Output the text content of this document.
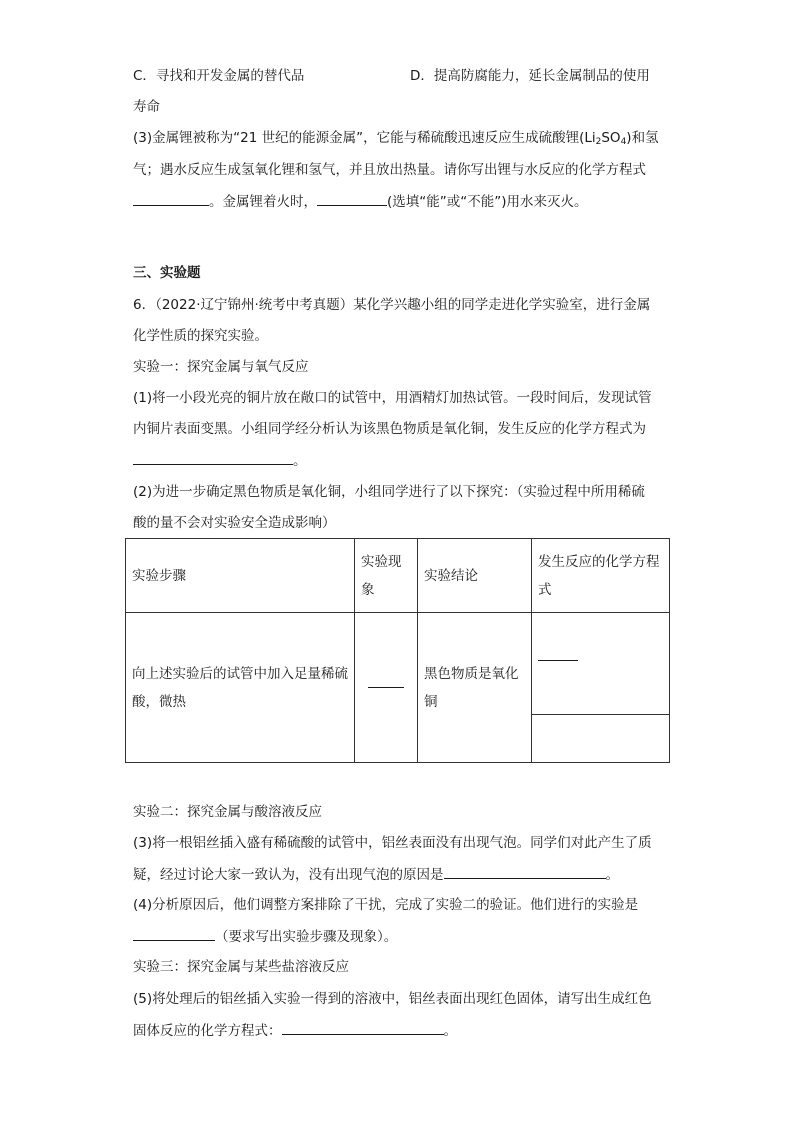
C．寻找和开发金属的替代品	D．提高防腐能力，延长金属制品的使用
寿命
(3)金属锂被称为“21 世纪的能源金属”，它能与稀硫酸迅速反应生成硫酸锂$(Li_2SO_4)$和氢
气；遇水反应生成氢氧化锂和氢气，并且放出热量。请你写出锂与水反应的化学方程式
。金属锂着火时，	(选填“能”或“不能”)用水来灭火。
三、实验题
6．（2022·辽宁锦州·统考中考真题）某化学兴趣小组的同学走进化学实验室，进行金属
化学性质的探究实验。
实验一：探究金属与氧气反应
(1)将一小段光亮的铜片放在敞口的试管中，用酒精灯加热试管。一段时间后，发现试管
内铜片表面变黑。小组同学经分析认为该黑色物质是氧化铜，发生反应的化学方程式为
。
(2)为进一步确定黑色物质是氧化铜，小组同学进行了以下探究：（实验过程中所用稀硫
酸的量不会对实验安全造成影响）
实验步骤	实验现象	实验结论	发生反应的化学方程式
向上述实验后的试管中加入足量稀硫酸，微热		黑色物质是氧化铜	

实验二：探究金属与酸溶液反应
(3)将一根铝丝插入盛有稀硫酸的试管中，铝丝表面没有出现气泡。同学们对此产生了质
疑，经过讨论大家一致认为，没有出现气泡的原因是	。
(4)分析原因后，他们调整方案排除了干扰，完成了实验二的验证。他们进行的实验是
（要求写出实验步骤及现象）。
实验三：探究金属与某些盐溶液反应
(5)将处理后的铝丝插入实验一得到的溶液中，铝丝表面出现红色固体，请写出生成红色
固体反应的化学方程式：	。
